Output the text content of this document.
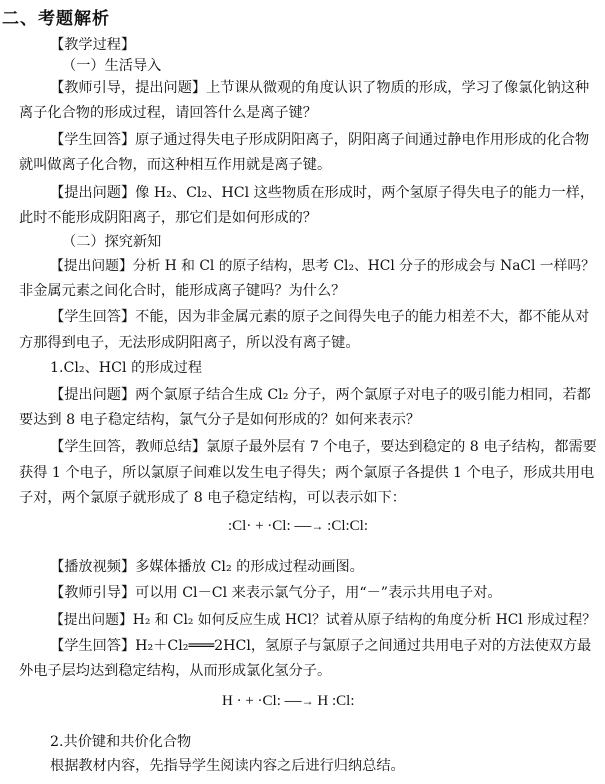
二、考题解析
【教学过程】
（一）生活导入
【教师引导，提出问题】上节课从微观的角度认识了物质的形成，学习了像氯化钠这种
离子化合物的形成过程，请回答什么是离子键？
【学生回答】原子通过得失电子形成阴阳离子，阴阳离子间通过静电作用形成的化合物
就叫做离子化合物，而这种相互作用就是离子键。
【提出问题】像 H₂、Cl₂、HCl 这些物质在形成时，两个氢原子得失电子的能力一样，
此时不能形成阴阳离子，那它们是如何形成的？
（二）探究新知
【提出问题】分析 H 和 Cl 的原子结构，思考 Cl₂、HCl 分子的形成会与 NaCl 一样吗？
非金属元素之间化合时，能形成离子键吗？为什么？
【学生回答】不能，因为非金属元素的原子之间得失电子的能力相差不大，都不能从对
方那得到电子，无法形成阴阳离子，所以没有离子键。
1.Cl₂、HCl 的形成过程
【提出问题】两个氯原子结合生成 Cl₂ 分子，两个氯原子对电子的吸引能力相同，若都
要达到 8 电子稳定结构，氯气分子是如何形成的？如何来表示？
【学生回答，教师总结】氯原子最外层有 7 个电子，要达到稳定的 8 电子结构，都需要
获得 1 个电子，所以氯原子间难以发生电子得失；两个氯原子各提供 1 个电子，形成共用电
子对，两个氯原子就形成了 8 电子稳定结构，可以表示如下：
:Cl· + ·Cl: ──→ :Cl:Cl:
【播放视频】多媒体播放 Cl₂ 的形成过程动画图。
【教师引导】可以用 Cl－Cl 来表示氯气分子，用“－”表示共用电子对。
【提出问题】H₂ 和 Cl₂ 如何反应生成 HCl？试着从原子结构的角度分析 HCl 形成过程？
【学生回答】H₂＋Cl₂═══2HCl，氢原子与氯原子之间通过共用电子对的方法使双方最
外电子层均达到稳定结构，从而形成氯化氢分子。
H · + ·Cl: ──→ H :Cl:
2.共价键和共价化合物
根据教材内容，先指导学生阅读内容之后进行归纳总结。
